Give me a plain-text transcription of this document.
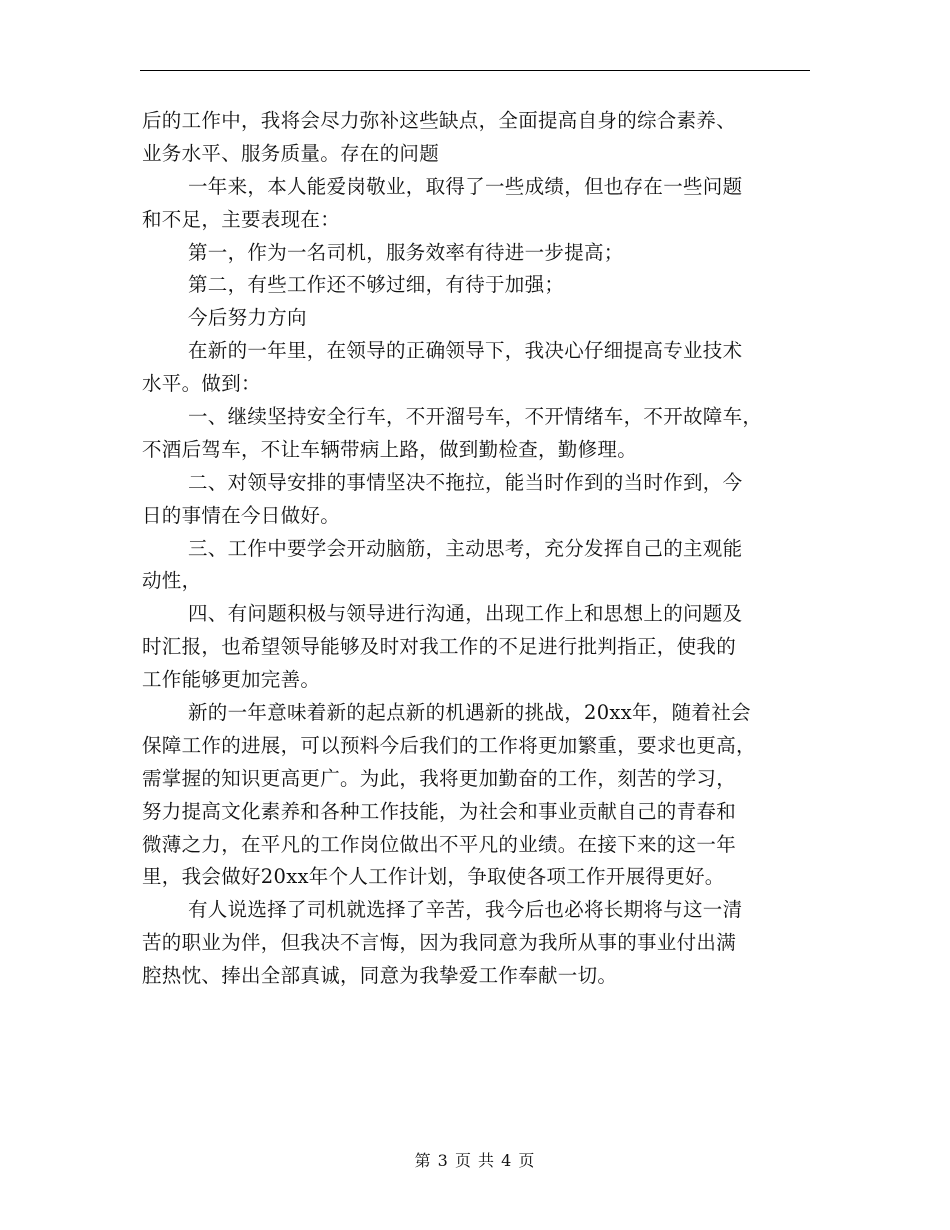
后的工作中，我将会尽力弥补这些缺点，全面提高自身的综合素养、
业务水平、服务质量。存在的问题
一年来，本人能爱岗敬业，取得了一些成绩，但也存在一些问题
和不足，主要表现在：
第一，作为一名司机，服务效率有待进一步提高；
第二，有些工作还不够过细，有待于加强；
今后努力方向
在新的一年里，在领导的正确领导下，我决心仔细提高专业技术
水平。做到：
一、继续坚持安全行车，不开溜号车，不开情绪车，不开故障车，
不酒后驾车，不让车辆带病上路，做到勤检查，勤修理。
二、对领导安排的事情坚决不拖拉，能当时作到的当时作到，今
日的事情在今日做好。
三、工作中要学会开动脑筋，主动思考，充分发挥自己的主观能
动性，
四、有问题积极与领导进行沟通，出现工作上和思想上的问题及
时汇报，也希望领导能够及时对我工作的不足进行批判指正，使我的
工作能够更加完善。
新的一年意味着新的起点新的机遇新的挑战，20xx年，随着社会
保障工作的进展，可以预料今后我们的工作将更加繁重，要求也更高，
需掌握的知识更高更广。为此，我将更加勤奋的工作，刻苦的学习，
努力提高文化素养和各种工作技能，为社会和事业贡献自己的青春和
微薄之力，在平凡的工作岗位做出不平凡的业绩。在接下来的这一年
里，我会做好20xx年个人工作计划，争取使各项工作开展得更好。
有人说选择了司机就选择了辛苦，我今后也必将长期将与这一清
苦的职业为伴，但我决不言悔，因为我同意为我所从事的事业付出满
腔热忱、捧出全部真诚，同意为我挚爱工作奉献一切。
第 3 页 共 4 页
